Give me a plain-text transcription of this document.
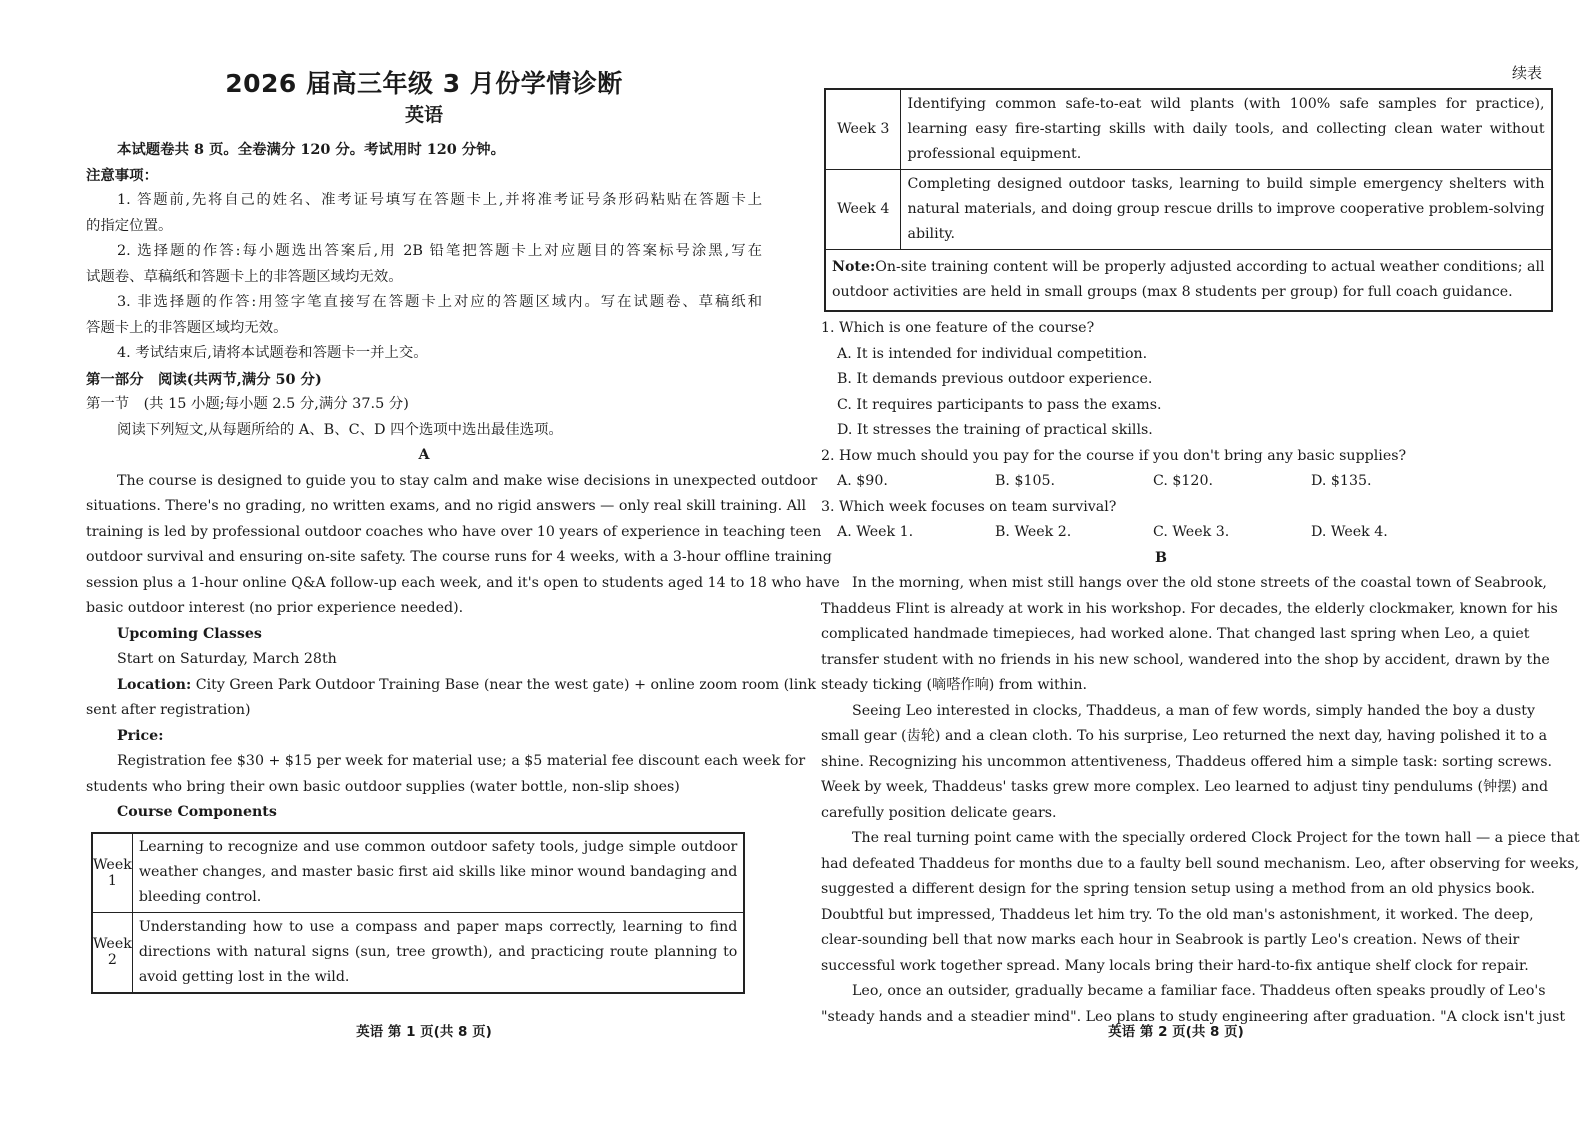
2026 届高三年级 3 月份学情诊断
英语
本试题卷共 8 页。全卷满分 120 分。考试用时 120 分钟。
注意事项：
1. 答题前,先将自己的姓名、准考证号填写在答题卡上,并将准考证号条形码粘贴在答题卡上
的指定位置。
2. 选择题的作答:每小题选出答案后,用 2B 铅笔把答题卡上对应题目的答案标号涂黑,写在
试题卷、草稿纸和答题卡上的非答题区域均无效。
3. 非选择题的作答:用签字笔直接写在答题卡上对应的答题区域内。写在试题卷、草稿纸和
答题卡上的非答题区域均无效。
4. 考试结束后,请将本试题卷和答题卡一并上交。
第一部分　阅读(共两节,满分 50 分)
第一节　(共 15 小题;每小题 2.5 分,满分 37.5 分)
阅读下列短文,从每题所给的 A、B、C、D 四个选项中选出最佳选项。
A
The course is designed to guide you to stay calm and make wise decisions in unexpected outdoor
situations. There's no grading, no written exams, and no rigid answers — only real skill training. All
training is led by professional outdoor coaches who have over 10 years of experience in teaching teen
outdoor survival and ensuring on-site safety. The course runs for 4 weeks, with a 3-hour offline training
session plus a 1-hour online Q&A follow-up each week, and it's open to students aged 14 to 18 who have
basic outdoor interest (no prior experience needed).
Upcoming Classes
Start on Saturday, March 28th
Location: City Green Park Outdoor Training Base (near the west gate) + online zoom room (link
sent after registration)
Price:
Registration fee $30 + $15 per week for material use; a $5 material fee discount each week for
students who bring their own basic outdoor supplies (water bottle, non-slip shoes)
Course Components
Week 1	Learning to recognize and use common outdoor safety tools, judge simple outdoor
weather changes, and master basic first aid skills like minor wound bandaging and
bleeding control.

Week 2	Understanding how to use a compass and paper maps correctly, learning to find
directions with natural signs (sun, tree growth), and practicing route planning to
avoid getting lost in the wild.
英语 第 1 页(共 8 页)
续表
Week 3	Identifying common safe-to-eat wild plants (with 100% safe samples for practice),
learning easy fire-starting skills with daily tools, and collecting clean water without
professional equipment.

Week 4	Completing designed outdoor tasks, learning to build simple emergency shelters with
natural materials, and doing group rescue drills to improve cooperative problem-solving
ability.

Note:On-site training content will be properly adjusted according to actual weather conditions; all
outdoor activities are held in small groups (max 8 students per group) for full coach guidance.	
1. Which is one feature of the course?
A. It is intended for individual competition.
B. It demands previous outdoor experience.
C. It requires participants to pass the exams.
D. It stresses the training of practical skills.
2. How much should you pay for the course if you don't bring any basic supplies?
A. $90.	B. $105.	C. $120.	D. $135.
3. Which week focuses on team survival?
A. Week 1.	B. Week 2.	C. Week 3.	D. Week 4.
B
In the morning, when mist still hangs over the old stone streets of the coastal town of Seabrook,
Thaddeus Flint is already at work in his workshop. For decades, the elderly clockmaker, known for his
complicated handmade timepieces, had worked alone. That changed last spring when Leo, a quiet
transfer student with no friends in his new school, wandered into the shop by accident, drawn by the
steady ticking (嘀嗒作响) from within.
Seeing Leo interested in clocks, Thaddeus, a man of few words, simply handed the boy a dusty
small gear (齿轮) and a clean cloth. To his surprise, Leo returned the next day, having polished it to a
shine. Recognizing his uncommon attentiveness, Thaddeus offered him a simple task: sorting screws.
Week by week, Thaddeus' tasks grew more complex. Leo learned to adjust tiny pendulums (钟摆) and
carefully position delicate gears.
The real turning point came with the specially ordered Clock Project for the town hall — a piece that
had defeated Thaddeus for months due to a faulty bell sound mechanism. Leo, after observing for weeks,
suggested a different design for the spring tension setup using a method from an old physics book.
Doubtful but impressed, Thaddeus let him try. To the old man's astonishment, it worked. The deep,
clear-sounding bell that now marks each hour in Seabrook is partly Leo's creation. News of their
successful work together spread. Many locals bring their hard-to-fix antique shelf clock for repair.
Leo, once an outsider, gradually became a familiar face. Thaddeus often speaks proudly of Leo's
"steady hands and a steadier mind". Leo plans to study engineering after graduation. "A clock isn't just
英语 第 2 页(共 8 页)
